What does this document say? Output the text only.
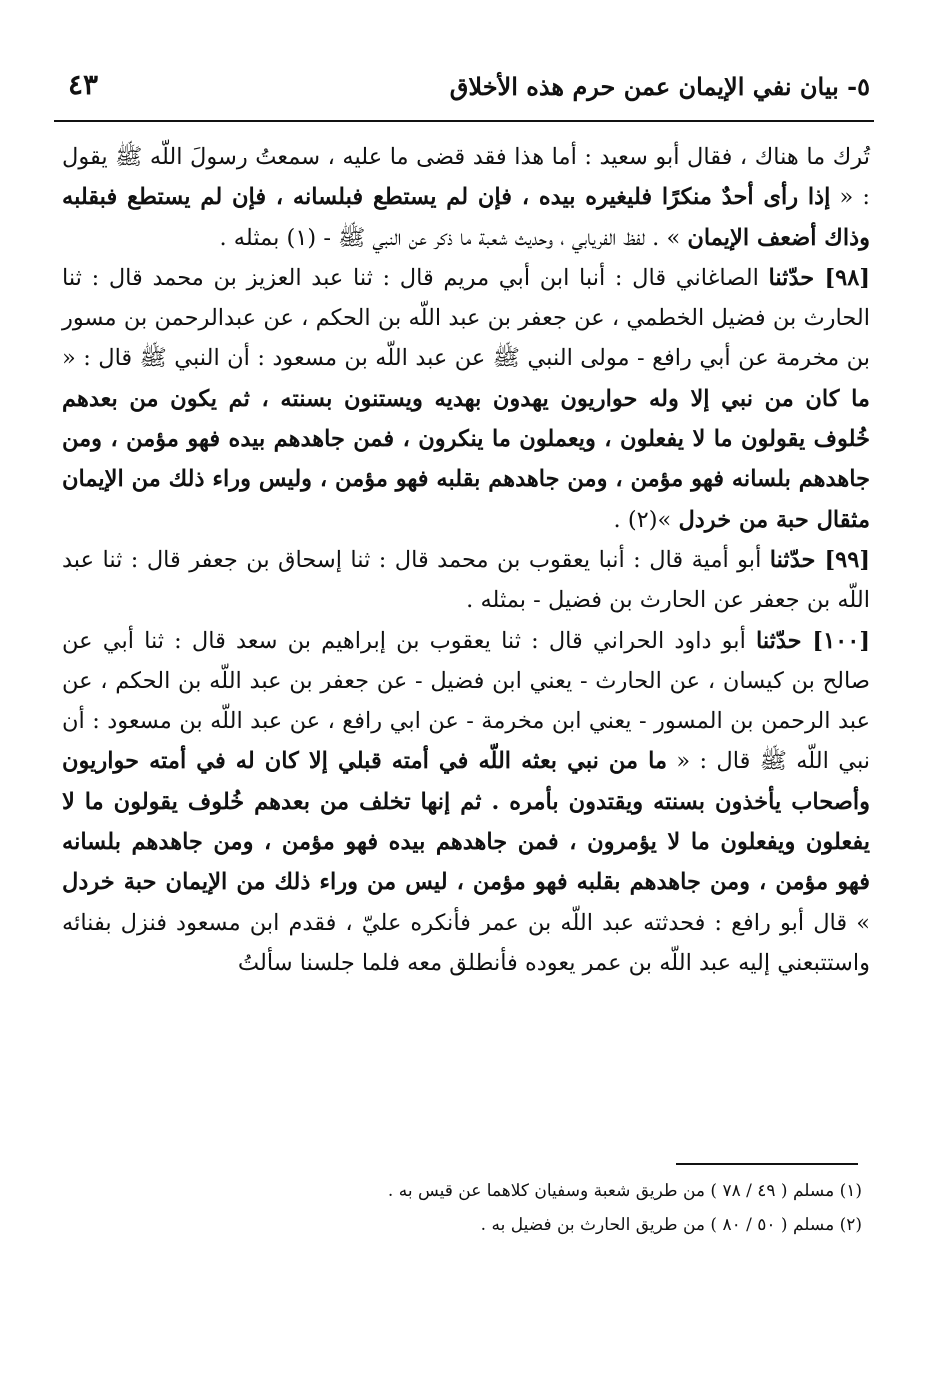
٥- بيان نفي الإيمان عمن حرم هذه الأخلاق
٤٣

تُرك ما هناك ، فقال أبو سعيد : أما هذا فقد قضى ما عليه ، سمعتُ رسولَ اللّه ﷺ يقول : « إذا رأى أحدٌ منكرًا فليغيره بيده ، فإن لم يستطع فبلسانه ، فإن لم يستطع فبقلبه وذاك أضعف الإيمان » . لفظ الفريابي ، وحديث شعبة ما ذكر عن النبي ﷺ - (١) بمثله .

[٩٨] حدّثنا الصاغاني قال : أنبا ابن أبي مريم قال : ثنا عبد العزيز بن محمد قال : ثنا الحارث بن فضيل الخطمي ، عن جعفر بن عبد اللّه بن الحكم ، عن عبدالرحمن بن مسور بن مخرمة عن أبي رافع - مولى النبي ﷺ عن عبد اللّه بن مسعود : أن النبي ﷺ قال : « ما كان من نبي إلا وله حواريون يهدون بهديه ويستنون بسنته ، ثم يكون من بعدهم خُلوف يقولون ما لا يفعلون ، ويعملون ما ينكرون ، فمن جاهدهم بيده فهو مؤمن ، ومن جاهدهم بلسانه فهو مؤمن ، ومن جاهدهم بقلبه فهو مؤمن ، وليس وراء ذلك من الإيمان مثقال حبة من خردل »(٢) .

[٩٩] حدّثنا أبو أمية قال : أنبا يعقوب بن محمد قال : ثنا إسحاق بن جعفر قال : ثنا عبد اللّه بن جعفر عن الحارث بن فضيل - بمثله .

[١٠٠] حدّثنا أبو داود الحراني قال : ثنا يعقوب بن إبراهيم بن سعد قال : ثنا أبي عن صالح بن كيسان ، عن الحارث - يعني ابن فضيل - عن جعفر بن عبد اللّه بن الحكم ، عن عبد الرحمن بن المسور - يعني ابن مخرمة - عن ابي رافع ، عن عبد اللّه بن مسعود : أن نبي اللّه ﷺ قال : « ما من نبي بعثه اللّه في أمته قبلي إلا كان له في أمته حواريون وأصحاب يأخذون بسنته ويقتدون بأمره . ثم إنها تخلف من بعدهم خُلوف يقولون ما لا يفعلون ويفعلون ما لا يؤمرون ، فمن جاهدهم بيده فهو مؤمن ، ومن جاهدهم بلسانه فهو مؤمن ، ومن جاهدهم بقلبه فهو مؤمن ، ليس من وراء ذلك من الإيمان حبة خردل » قال أبو رافع : فحدثته عبد اللّه بن عمر فأنكره عليّ ، فقدم ابن مسعود فنزل بفنائه واستتبعني إليه عبد اللّه بن عمر يعوده فأنطلق معه فلما جلسنا سألتُ

(١) مسلم ( ٤٩ / ٧٨ ) من طريق شعبة وسفيان كلاهما عن قيس به .

(٢) مسلم ( ٥٠ / ٨٠ ) من طريق الحارث بن فضيل به .
